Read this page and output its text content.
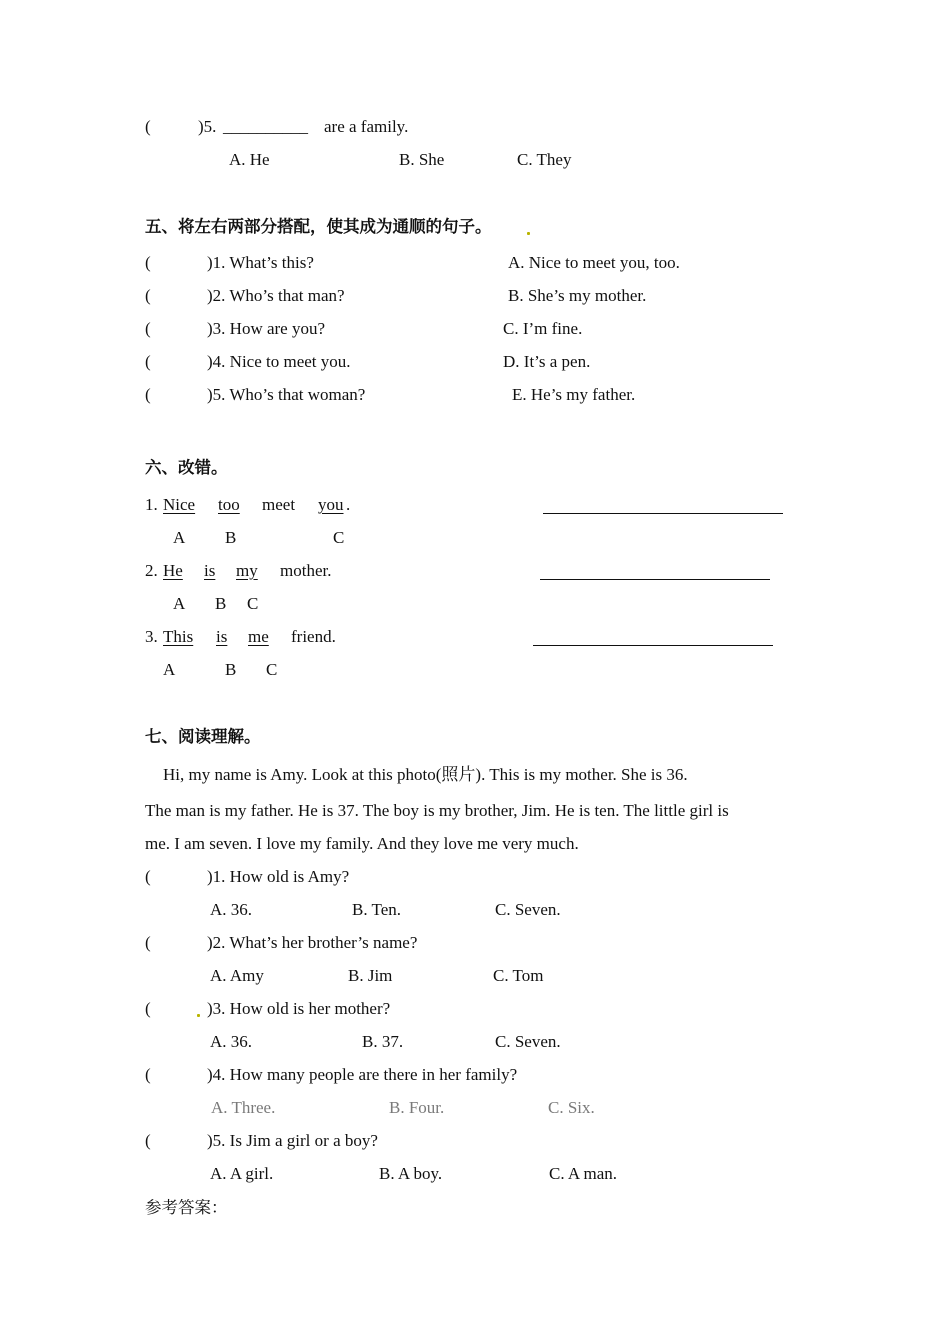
(	)5. __________ are a family.
A. He	B. She	C. They
五、将左右两部分搭配，使其成为通顺的句子。
(	)1. What’s this?	A. Nice to meet you, too.
(	)2. Who’s that man?	B. She’s my mother.
(	)3. How are you?	C. I’m fine.
(	)4. Nice to meet you.	D. It’s a pen.
(	)5. Who’s that woman?	E. He’s my father.
六、改错。
1. Nice too meet you .
A B	C
2. He is my mother.
A B C
3. This is me friend.
A	B C
七、阅读理解。
Hi, my name is Amy. Look at this photo(照片). This is my mother. She is 36.
The man is my father. He is 37. The boy is my brother, Jim. He is ten. The little girl is
me. I am seven. I love my family. And they love me very much.
(	)1. How old is Amy?
A. 36.	B. Ten.	C. Seven.
(	)2. What’s her brother’s name?
A. Amy	B. Jim	C. Tom
(	)3. How old is her mother?
A. 36.	B. 37.	C. Seven.
(	)4. How many people are there in her family?
A. Three.	B. Four.	C. Six.
(	)5. Is Jim a girl or a boy?
A. A girl.	B. A boy.	C. A man.
参考答案：
